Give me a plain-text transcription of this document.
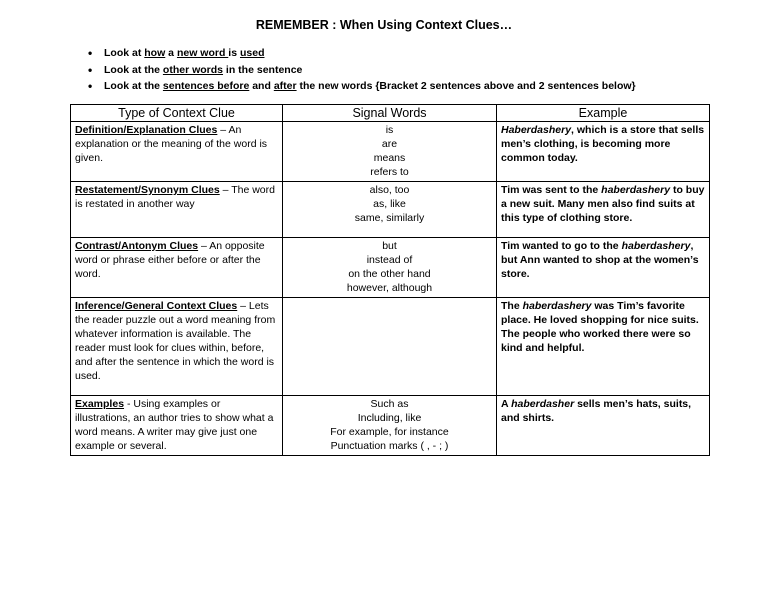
REMEMBER : When Using Context Clues…
• Look at how a new word is used
• Look at the other words in the sentence
• Look at the sentences before and after the new words {Bracket 2 sentences above and 2 sentences below}
Type of Context Clue	Signal Words	Example
Definition/Explanation Clues – An explanation or the meaning of the word is given.	is
are
means
refers to	Haberdashery, which is a store that sells men’s clothing, is becoming more common today.
Restatement/Synonym Clues – The word is restated in another way	also, too
as, like
same, similarly	Tim was sent to the haberdashery to buy a new suit. Many men also find suits at this type of clothing store.
Contrast/Antonym Clues – An opposite word or phrase either before or after the word.	but
instead of
on the other hand
however, although	Tim wanted to go to the haberdashery, but Ann wanted to shop at the women’s store.
Inference/General Context Clues – Lets the reader puzzle out a word meaning from whatever information is available. The reader must look for clues within, before, and after the sentence in which the word is used.		The haberdashery was Tim’s favorite place. He loved shopping for nice suits. The people who worked there were so kind and helpful.
Examples - Using examples or illustrations, an author tries to show what a word means. A writer may give just one example or several.	Such as
Including, like
For example, for instance
Punctuation marks ( , - ; )	A haberdasher sells men’s hats, suits, and shirts.
